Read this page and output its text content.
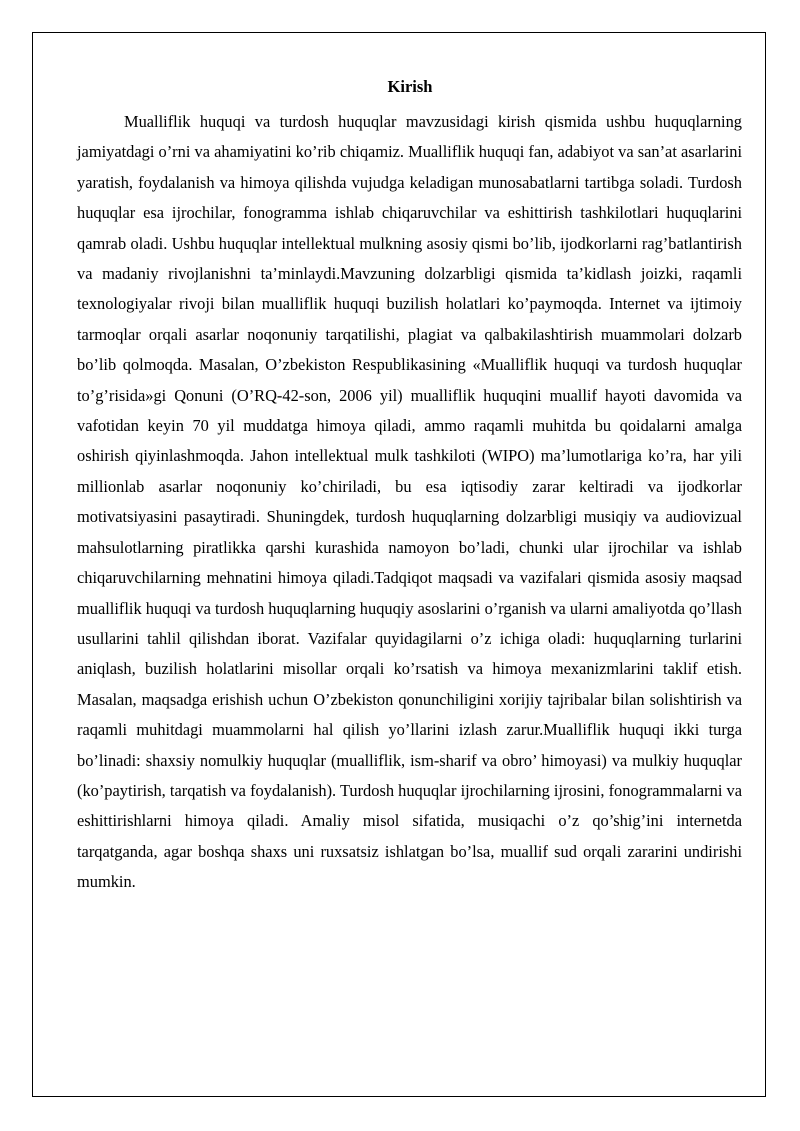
Kirish

Mualliflik huquqi va turdosh huquqlar mavzusidagi kirish qismida ushbu huquqlarning jamiyatdagi o’rni va ahamiyatini ko’rib chiqamiz. Mualliflik huquqi fan, adabiyot va san’at asarlarini yaratish, foydalanish va himoya qilishda vujudga keladigan munosabatlarni tartibga soladi. Turdosh huquqlar esa ijrochilar, fonogramma ishlab chiqaruvchilar va eshittirish tashkilotlari huquqlarini qamrab oladi. Ushbu huquqlar intellektual mulkning asosiy qismi bo’lib, ijodkorlarni rag’batlantirish va madaniy rivojlanishni ta’minlaydi.Mavzuning dolzarbligi qismida ta’kidlash joizki, raqamli texnologiyalar rivoji bilan mualliflik huquqi buzilish holatlari ko’paymoqda. Internet va ijtimoiy tarmoqlar orqali asarlar noqonuniy tarqatilishi, plagiat va qalbakilashtirish muammolari dolzarb bo’lib qolmoqda. Masalan, O’zbekiston Respublikasining «Mualliflik huquqi va turdosh huquqlar to’g’risida»gi Qonuni (O’RQ-42-son, 2006 yil) mualliflik huquqini muallif hayoti davomida va vafotidan keyin 70 yil muddatga himoya qiladi, ammo raqamli muhitda bu qoidalarni amalga oshirish qiyinlashmoqda. Jahon intellektual mulk tashkiloti (WIPO) ma’lumotlariga ko’ra, har yili millionlab asarlar noqonuniy ko’chiriladi, bu esa iqtisodiy zarar keltiradi va ijodkorlar motivatsiyasini pasaytiradi. Shuningdek, turdosh huquqlarning dolzarbligi musiqiy va audiovizual mahsulotlarning piratlikka qarshi kurashida namoyon bo’ladi, chunki ular ijrochilar va ishlab chiqaruvchilarning mehnatini himoya qiladi.Tadqiqot maqsadi va vazifalari qismida asosiy maqsad mualliflik huquqi va turdosh huquqlarning huquqiy asoslarini o’rganish va ularni amaliyotda qo’llash usullarini tahlil qilishdan iborat. Vazifalar quyidagilarni o’z ichiga oladi: huquqlarning turlarini aniqlash, buzilish holatlarini misollar orqali ko’rsatish va himoya mexanizmlarini taklif etish. Masalan, maqsadga erishish uchun O’zbekiston qonunchiligini xorijiy tajribalar bilan solishtirish va raqamli muhitdagi muammolarni hal qilish yo’llarini izlash zarur.Mualliflik huquqi ikki turga bo’linadi: shaxsiy nomulkiy huquqlar (mualliflik, ism-sharif va obro’ himoyasi) va mulkiy huquqlar (ko’paytirish, tarqatish va foydalanish). Turdosh huquqlar ijrochilarning ijrosini, fonogrammalarni va eshittirishlarni himoya qiladi. Amaliy misol sifatida, musiqachi o’z qo’shig’ini internetda tarqatganda, agar boshqa shaxs uni ruxsatsiz ishlatgan bo’lsa, muallif sud orqali zararini undirishi mumkin.
